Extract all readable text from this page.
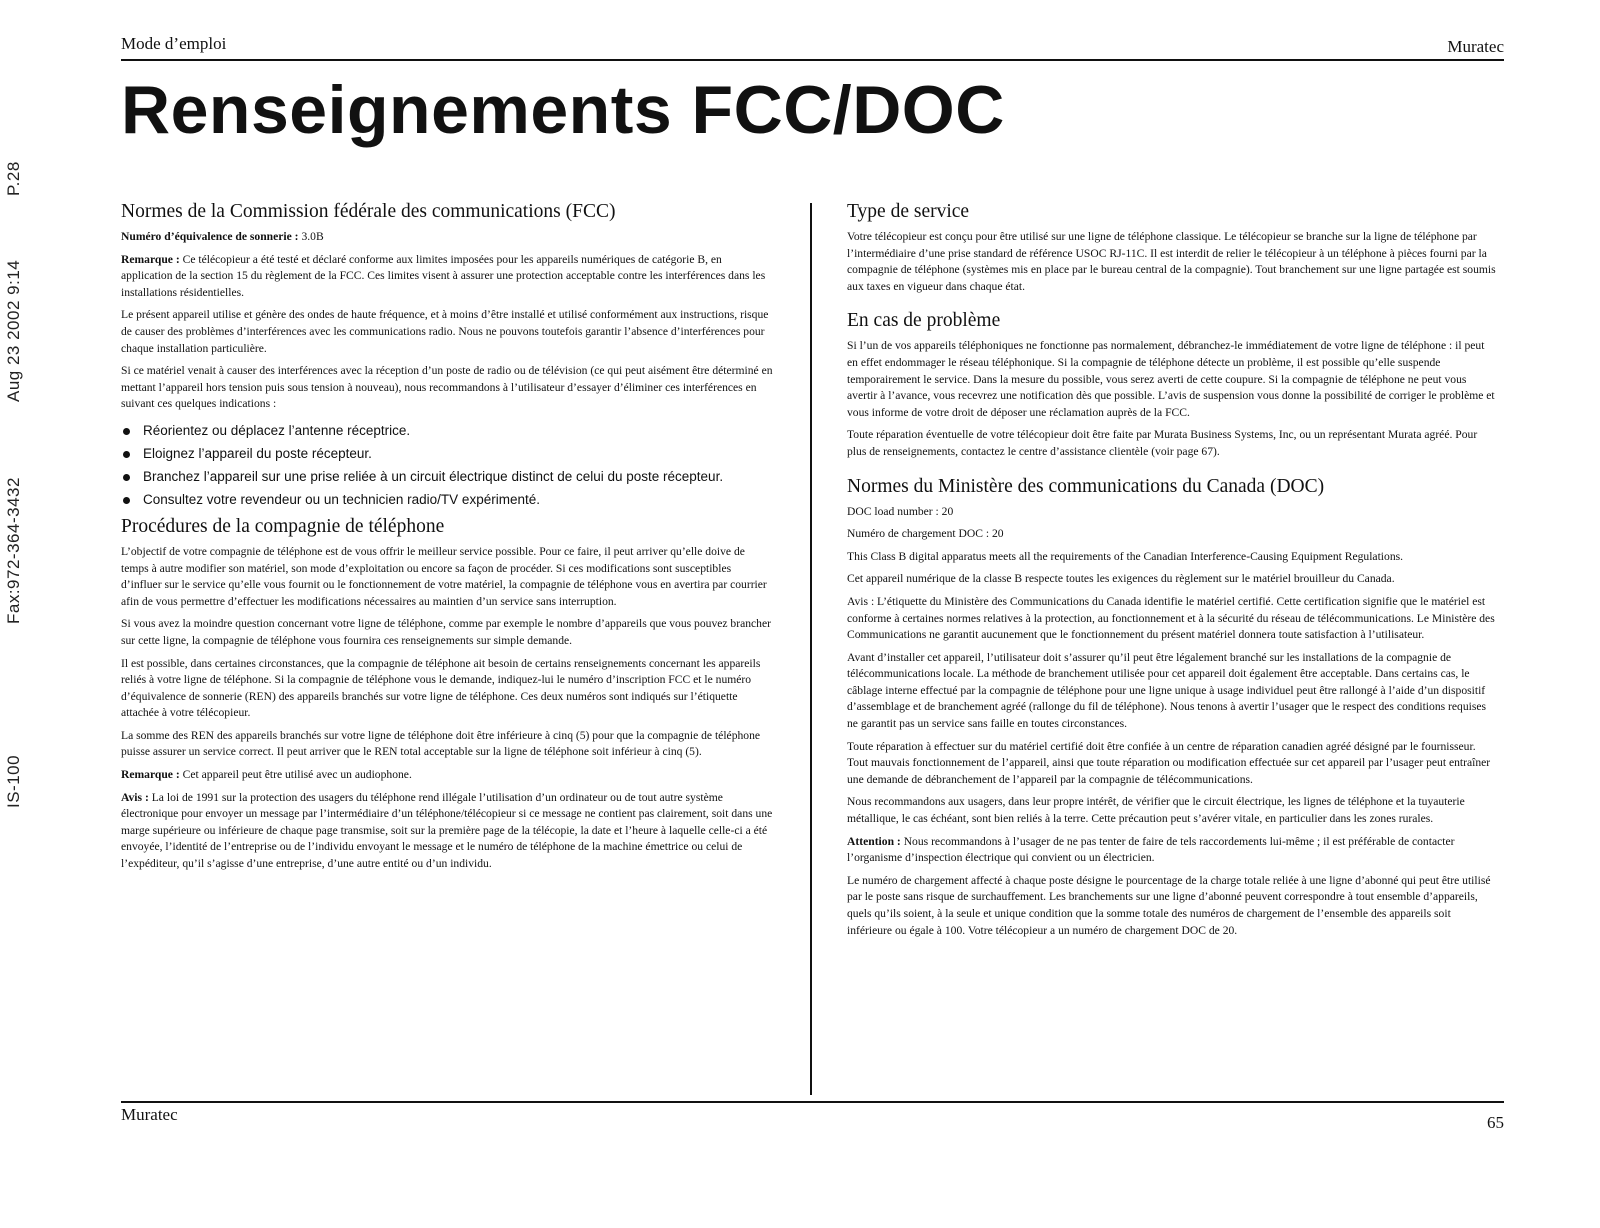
P.28
Aug 23 2002 9:14
Fax:972-364-3432
IS-100
Mode d’emploi	Muratec
Renseignements FCC/DOC
Normes de la Commission fédérale des communications (FCC)

Numéro d’équivalence de sonnerie : 3.0B

Remarque : Ce télécopieur a été testé et déclaré conforme aux limites imposées pour les appareils numériques de catégorie B, en application de la section 15 du règlement de la FCC. Ces limites visent à assurer une protection acceptable contre les interférences dans les installations résidentielles.

Le présent appareil utilise et génère des ondes de haute fréquence, et à moins d’être installé et utilisé conformément aux instructions, risque de causer des problèmes d’interférences avec les communications radio. Nous ne pouvons toutefois garantir l’absence d’interférences pour chaque installation particulière.

Si ce matériel venait à causer des interférences avec la réception d’un poste de radio ou de télévision (ce qui peut aisément être déterminé en mettant l’appareil hors tension puis sous tension à nouveau), nous recommandons à l’utilisateur d’essayer d’éliminer ces interférences en suivant ces quelques indications :

Réorientez ou déplacez l’antenne réceptrice.
Eloignez l’appareil du poste récepteur.
Branchez l’appareil sur une prise reliée à un circuit électrique distinct de celui du poste récepteur.
Consultez votre revendeur ou un technicien radio/TV expérimenté.
Procédures de la compagnie de téléphone

L’objectif de votre compagnie de téléphone est de vous offrir le meilleur service possible. Pour ce faire, il peut arriver qu’elle doive de temps à autre modifier son matériel, son mode d’exploitation ou encore sa façon de procéder. Si ces modifications sont susceptibles d’influer sur le service qu’elle vous fournit ou le fonctionnement de votre matériel, la compagnie de téléphone vous en avertira par courrier afin de vous permettre d’effectuer les modifications nécessaires au maintien d’un service sans interruption.

Si vous avez la moindre question concernant votre ligne de téléphone, comme par exemple le nombre d’appareils que vous pouvez brancher sur cette ligne, la compagnie de téléphone vous fournira ces renseignements sur simple demande.

Il est possible, dans certaines circonstances, que la compagnie de téléphone ait besoin de certains renseignements concernant les appareils reliés à votre ligne de téléphone. Si la compagnie de téléphone vous le demande, indiquez-lui le numéro d’inscription FCC et le numéro d’équivalence de sonnerie (REN) des appareils branchés sur votre ligne de téléphone. Ces deux numéros sont indiqués sur l’étiquette attachée à votre télécopieur.

La somme des REN des appareils branchés sur votre ligne de téléphone doit être inférieure à cinq (5) pour que la compagnie de téléphone puisse assurer un service correct. Il peut arriver que le REN total acceptable sur la ligne de téléphone soit inférieur à cinq (5).

Remarque : Cet appareil peut être utilisé avec un audiophone.

Avis : La loi de 1991 sur la protection des usagers du téléphone rend illégale l’utilisation d’un ordinateur ou de tout autre système électronique pour envoyer un message par l’intermédiaire d’un téléphone/télécopieur si ce message ne contient pas clairement, soit dans une marge supérieure ou inférieure de chaque page transmise, soit sur la première page de la télécopie, la date et l’heure à laquelle celle-ci a été envoyée, l’identité de l’entreprise ou de l’individu envoyant le message et le numéro de téléphone de la machine émettrice ou celui de l’expéditeur, qu’il s’agisse d’une entreprise, d’une autre entité ou d’un individu.

Type de service

Votre télécopieur est conçu pour être utilisé sur une ligne de téléphone classique. Le télécopieur se branche sur la ligne de téléphone par l’intermédiaire d’une prise standard de référence USOC RJ-11C. Il est interdit de relier le télécopieur à un téléphone à pièces fourni par la compagnie de téléphone (systèmes mis en place par le bureau central de la compagnie). Tout branchement sur une ligne partagée est soumis aux taxes en vigueur dans chaque état.

En cas de problème

Si l’un de vos appareils téléphoniques ne fonctionne pas normalement, débranchez-le immédiatement de votre ligne de téléphone : il peut en effet endommager le réseau téléphonique. Si la compagnie de téléphone détecte un problème, il est possible qu’elle suspende temporairement le service. Dans la mesure du possible, vous serez averti de cette coupure. Si la compagnie de téléphone ne peut vous avertir à l’avance, vous recevrez une notification dès que possible. L’avis de suspension vous donne la possibilité de corriger le problème et vous informe de votre droit de déposer une réclamation auprès de la FCC.

Toute réparation éventuelle de votre télécopieur doit être faite par Murata Business Systems, Inc, ou un représentant Murata agréé. Pour plus de renseignements, contactez le centre d’assistance clientèle (voir page 67).

Normes du Ministère des communications du Canada (DOC)

DOC load number : 20

Numéro de chargement DOC : 20

This Class B digital apparatus meets all the requirements of the Canadian Interference-Causing Equipment Regulations.

Cet appareil numérique de la classe B respecte toutes les exigences du règlement sur le matériel brouilleur du Canada.

Avis : L’étiquette du Ministère des Communications du Canada identifie le matériel certifié. Cette certification signifie que le matériel est conforme à certaines normes relatives à la protection, au fonctionnement et à la sécurité du réseau de télécommunications. Le Ministère des Communications ne garantit aucunement que le fonctionnement du présent matériel donnera toute satisfaction à l’utilisateur.

Avant d’installer cet appareil, l’utilisateur doit s’assurer qu’il peut être légalement branché sur les installations de la compagnie de télécommunications locale. La méthode de branchement utilisée pour cet appareil doit également être acceptable. Dans certains cas, le câblage interne effectué par la compagnie de téléphone pour une ligne unique à usage individuel peut être rallongé à l’aide d’un dispositif d’assemblage et de branchement agréé (rallonge du fil de téléphone). Nous tenons à avertir l’usager que le respect des conditions requises ne garantit pas un service sans faille en toutes circonstances.

Toute réparation à effectuer sur du matériel certifié doit être confiée à un centre de réparation canadien agréé désigné par le fournisseur. Tout mauvais fonctionnement de l’appareil, ainsi que toute réparation ou modification effectuée sur cet appareil par l’usager peut entraîner une demande de débranchement de l’appareil par la compagnie de télécommunications.

Nous recommandons aux usagers, dans leur propre intérêt, de vérifier que le circuit électrique, les lignes de téléphone et la tuyauterie métallique, le cas échéant, sont bien reliés à la terre. Cette précaution peut s’avérer vitale, en particulier dans les zones rurales.

Attention : Nous recommandons à l’usager de ne pas tenter de faire de tels raccordements lui-même ; il est préférable de contacter l’organisme d’inspection électrique qui convient ou un électricien.

Le numéro de chargement affecté à chaque poste désigne le pourcentage de la charge totale reliée à une ligne d’abonné qui peut être utilisé par le poste sans risque de surchauffement. Les branchements sur une ligne d’abonné peuvent correspondre à tout ensemble d’appareils, quels qu’ils soient, à la seule et unique condition que la somme totale des numéros de chargement de l’ensemble des appareils soit inférieure ou égale à 100. Votre télécopieur a un numéro de chargement DOC de 20.

Muratec	65
